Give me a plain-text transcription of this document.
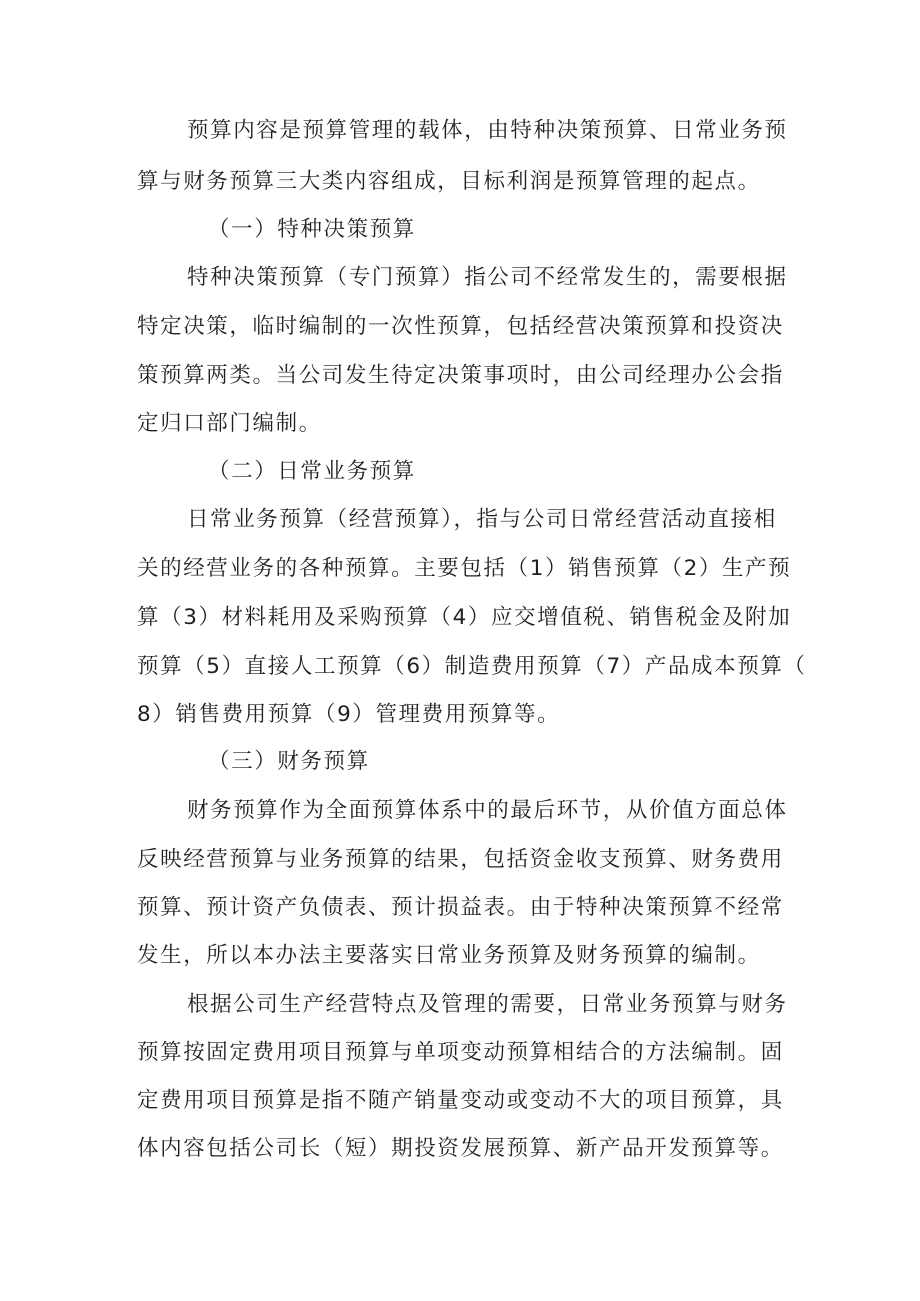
预算内容是预算管理的载体，由特种决策预算、日常业务预
算与财务预算三大类内容组成，目标利润是预算管理的起点。
（一）特种决策预算
特种决策预算（专门预算）指公司不经常发生的，需要根据
特定决策，临时编制的一次性预算，包括经营决策预算和投资决
策预算两类。当公司发生待定决策事项时，由公司经理办公会指
定归口部门编制。
（二）日常业务预算
日常业务预算（经营预算），指与公司日常经营活动直接相
关的经营业务的各种预算。主要包括（1）销售预算（2）生产预
算（3）材料耗用及采购预算（4）应交增值税、销售税金及附加
预算（5）直接人工预算（6）制造费用预算（7）产品成本预算（
8）销售费用预算（9）管理费用预算等。
（三）财务预算
财务预算作为全面预算体系中的最后环节，从价值方面总体
反映经营预算与业务预算的结果，包括资金收支预算、财务费用
预算、预计资产负债表、预计损益表。由于特种决策预算不经常
发生，所以本办法主要落实日常业务预算及财务预算的编制。
根据公司生产经营特点及管理的需要，日常业务预算与财务
预算按固定费用项目预算与单项变动预算相结合的方法编制。固
定费用项目预算是指不随产销量变动或变动不大的项目预算，具
体内容包括公司长（短）期投资发展预算、新产品开发预算等。
